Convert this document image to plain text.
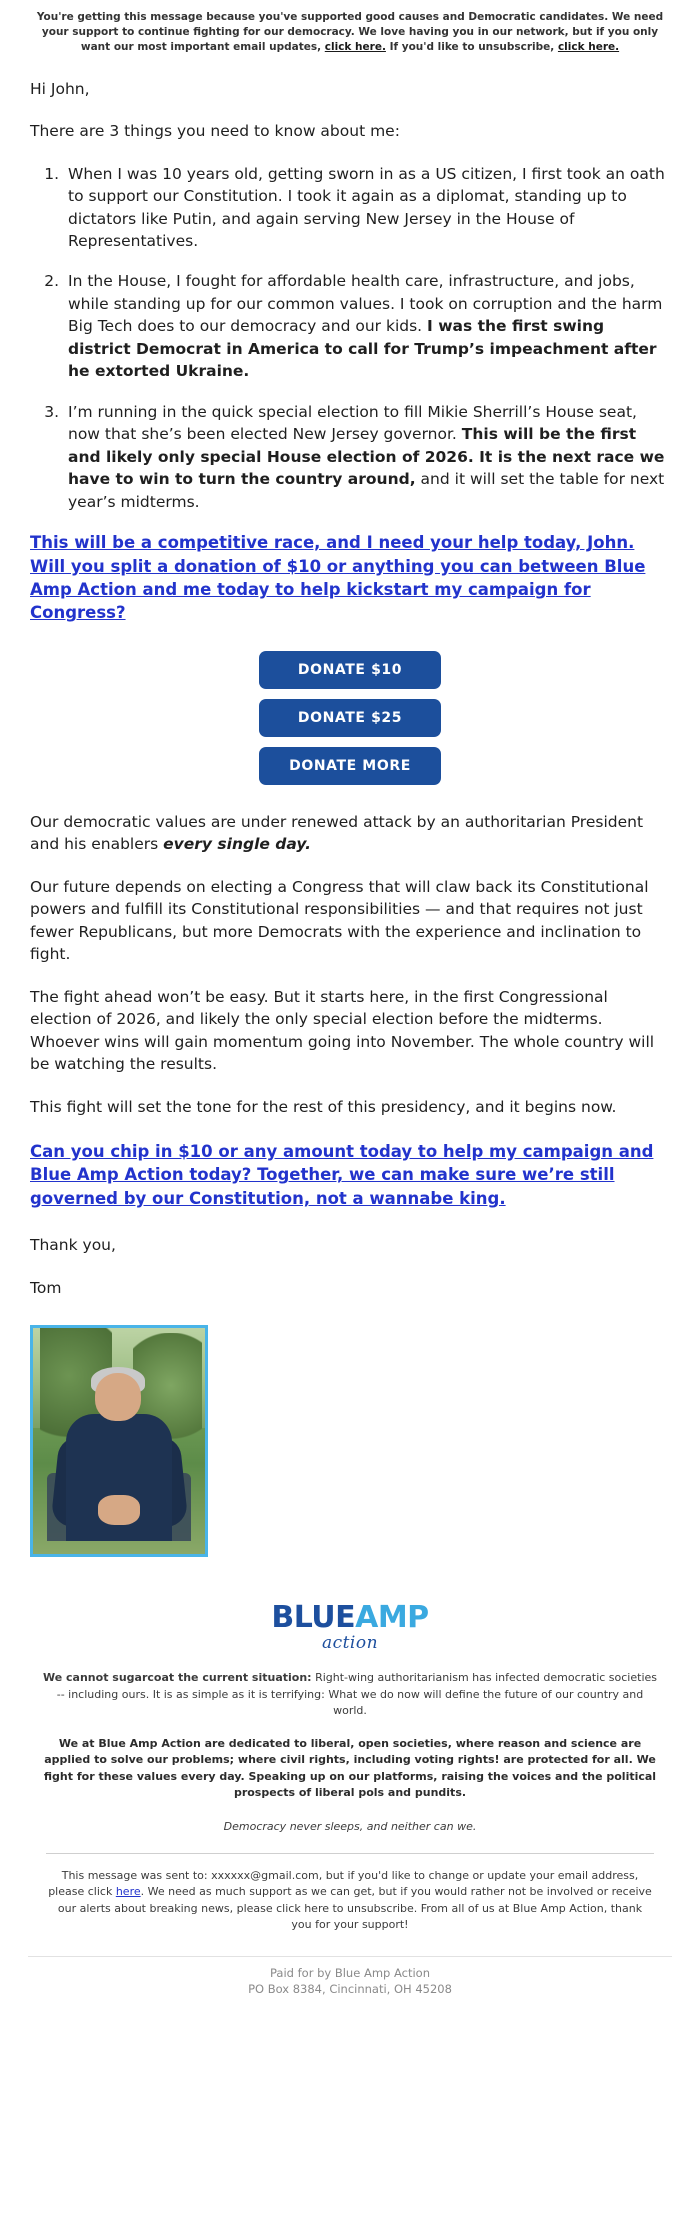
You're getting this message because you've supported good causes and Democratic candidates. We need your support to continue fighting for our democracy. We love having you in our network, but if you only want our most important email updates, click here. If you'd like to unsubscribe, click here.

Hi John,

There are 3 things you need to know about me:

1. When I was 10 years old, getting sworn in as a US citizen, I first took an oath to support our Constitution. I took it again as a diplomat, standing up to dictators like Putin, and again serving New Jersey in the House of Representatives.
2. In the House, I fought for affordable health care, infrastructure, and jobs, while standing up for our common values. I took on corruption and the harm Big Tech does to our democracy and our kids. I was the first swing district Democrat in America to call for Trump’s impeachment after he extorted Ukraine.
3. I’m running in the quick special election to fill Mikie Sherrill’s House seat, now that she’s been elected New Jersey governor. This will be the first and likely only special House election of 2026. It is the next race we have to win to turn the country around, and it will set the table for next year’s midterms.
This will be a competitive race, and I need your help today, John. Will you split a donation of $10 or anything you can between Blue Amp Action and me today to help kickstart my campaign for Congress?
DONATE $10
DONATE $25
DONATE MORE

Our democratic values are under renewed attack by an authoritarian President and his enablers every single day.

Our future depends on electing a Congress that will claw back its Constitutional powers and fulfill its Constitutional responsibilities — and that requires not just fewer Republicans, but more Democrats with the experience and inclination to fight.

The fight ahead won’t be easy. But it starts here, in the first Congressional election of 2026, and likely the only special election before the midterms. Whoever wins will gain momentum going into November. The whole country will be watching the results.

This fight will set the tone for the rest of this presidency, and it begins now.

Can you chip in $10 or any amount today to help my campaign and Blue Amp Action today? Together, we can make sure we’re still governed by our Constitution, not a wannabe king.

Thank you,

Tom

BLUEAMP
action

We cannot sugarcoat the current situation: Right-wing authoritarianism has infected democratic societies -- including ours. It is as simple as it is terrifying: What we do now will define the future of our country and world.

We at Blue Amp Action are dedicated to liberal, open societies, where reason and science are applied to solve our problems; where civil rights, including voting rights! are protected for all. We fight for these values every day. Speaking up on our platforms, raising the voices and the political prospects of liberal pols and pundits.

Democracy never sleeps, and neither can we.

This message was sent to: xxxxxx@gmail.com, but if you'd like to change or update your email address, please click here. We need as much support as we can get, but if you would rather not be involved or receive our alerts about breaking news, please click here to unsubscribe. From all of us at Blue Amp Action, thank you for your support!

Paid for by Blue Amp Action
PO Box 8384, Cincinnati, OH 45208
